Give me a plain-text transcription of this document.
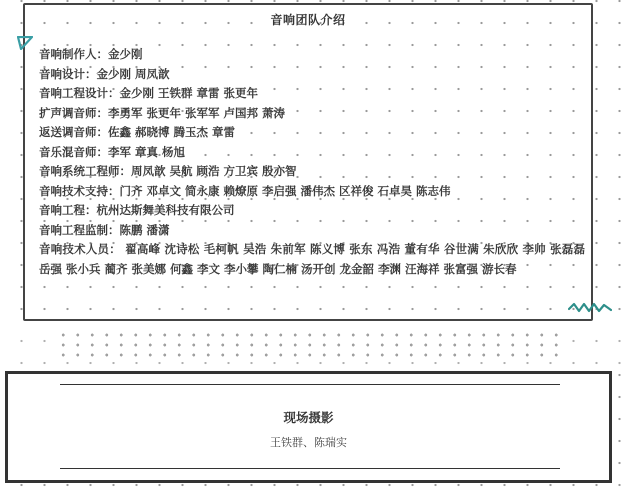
音响团队介绍
音响制作人：金少刚
音响设计：金少刚 周凤歆
音响工程设计：金少刚 王铁群 章雷 张更年
扩声调音师：李勇军 张更年 张军军 卢国邦 萧涛
返送调音师：佐鑫 郝晓博 腾玉杰 章雷
音乐混音师：李军 章真 杨旭
音响系统工程师：周凤歆 吴航 顾浩 方卫宾 殷亦智
音响技术支持：门齐 邓卓文 简永康 赖燎原 李启强 潘伟杰 区祥俊 石卓昊 陈志伟
音响工程：杭州达斯舞美科技有限公司
音响工程监制：陈鹏 潘潇
音响技术人员： 翟高峰 沈诗松 毛柯帆 吴浩 朱前军 陈义博 张东 冯浩 董有华 谷世满 朱欣欣 李帅 张磊磊 岳强 张小兵 蔺齐 张美娜 何鑫 李文 李小攀 陶仁楠 汤开创 龙金韶 李渊 汪海祥 张富强 游长春
现场摄影
王铁群、陈瑞实
